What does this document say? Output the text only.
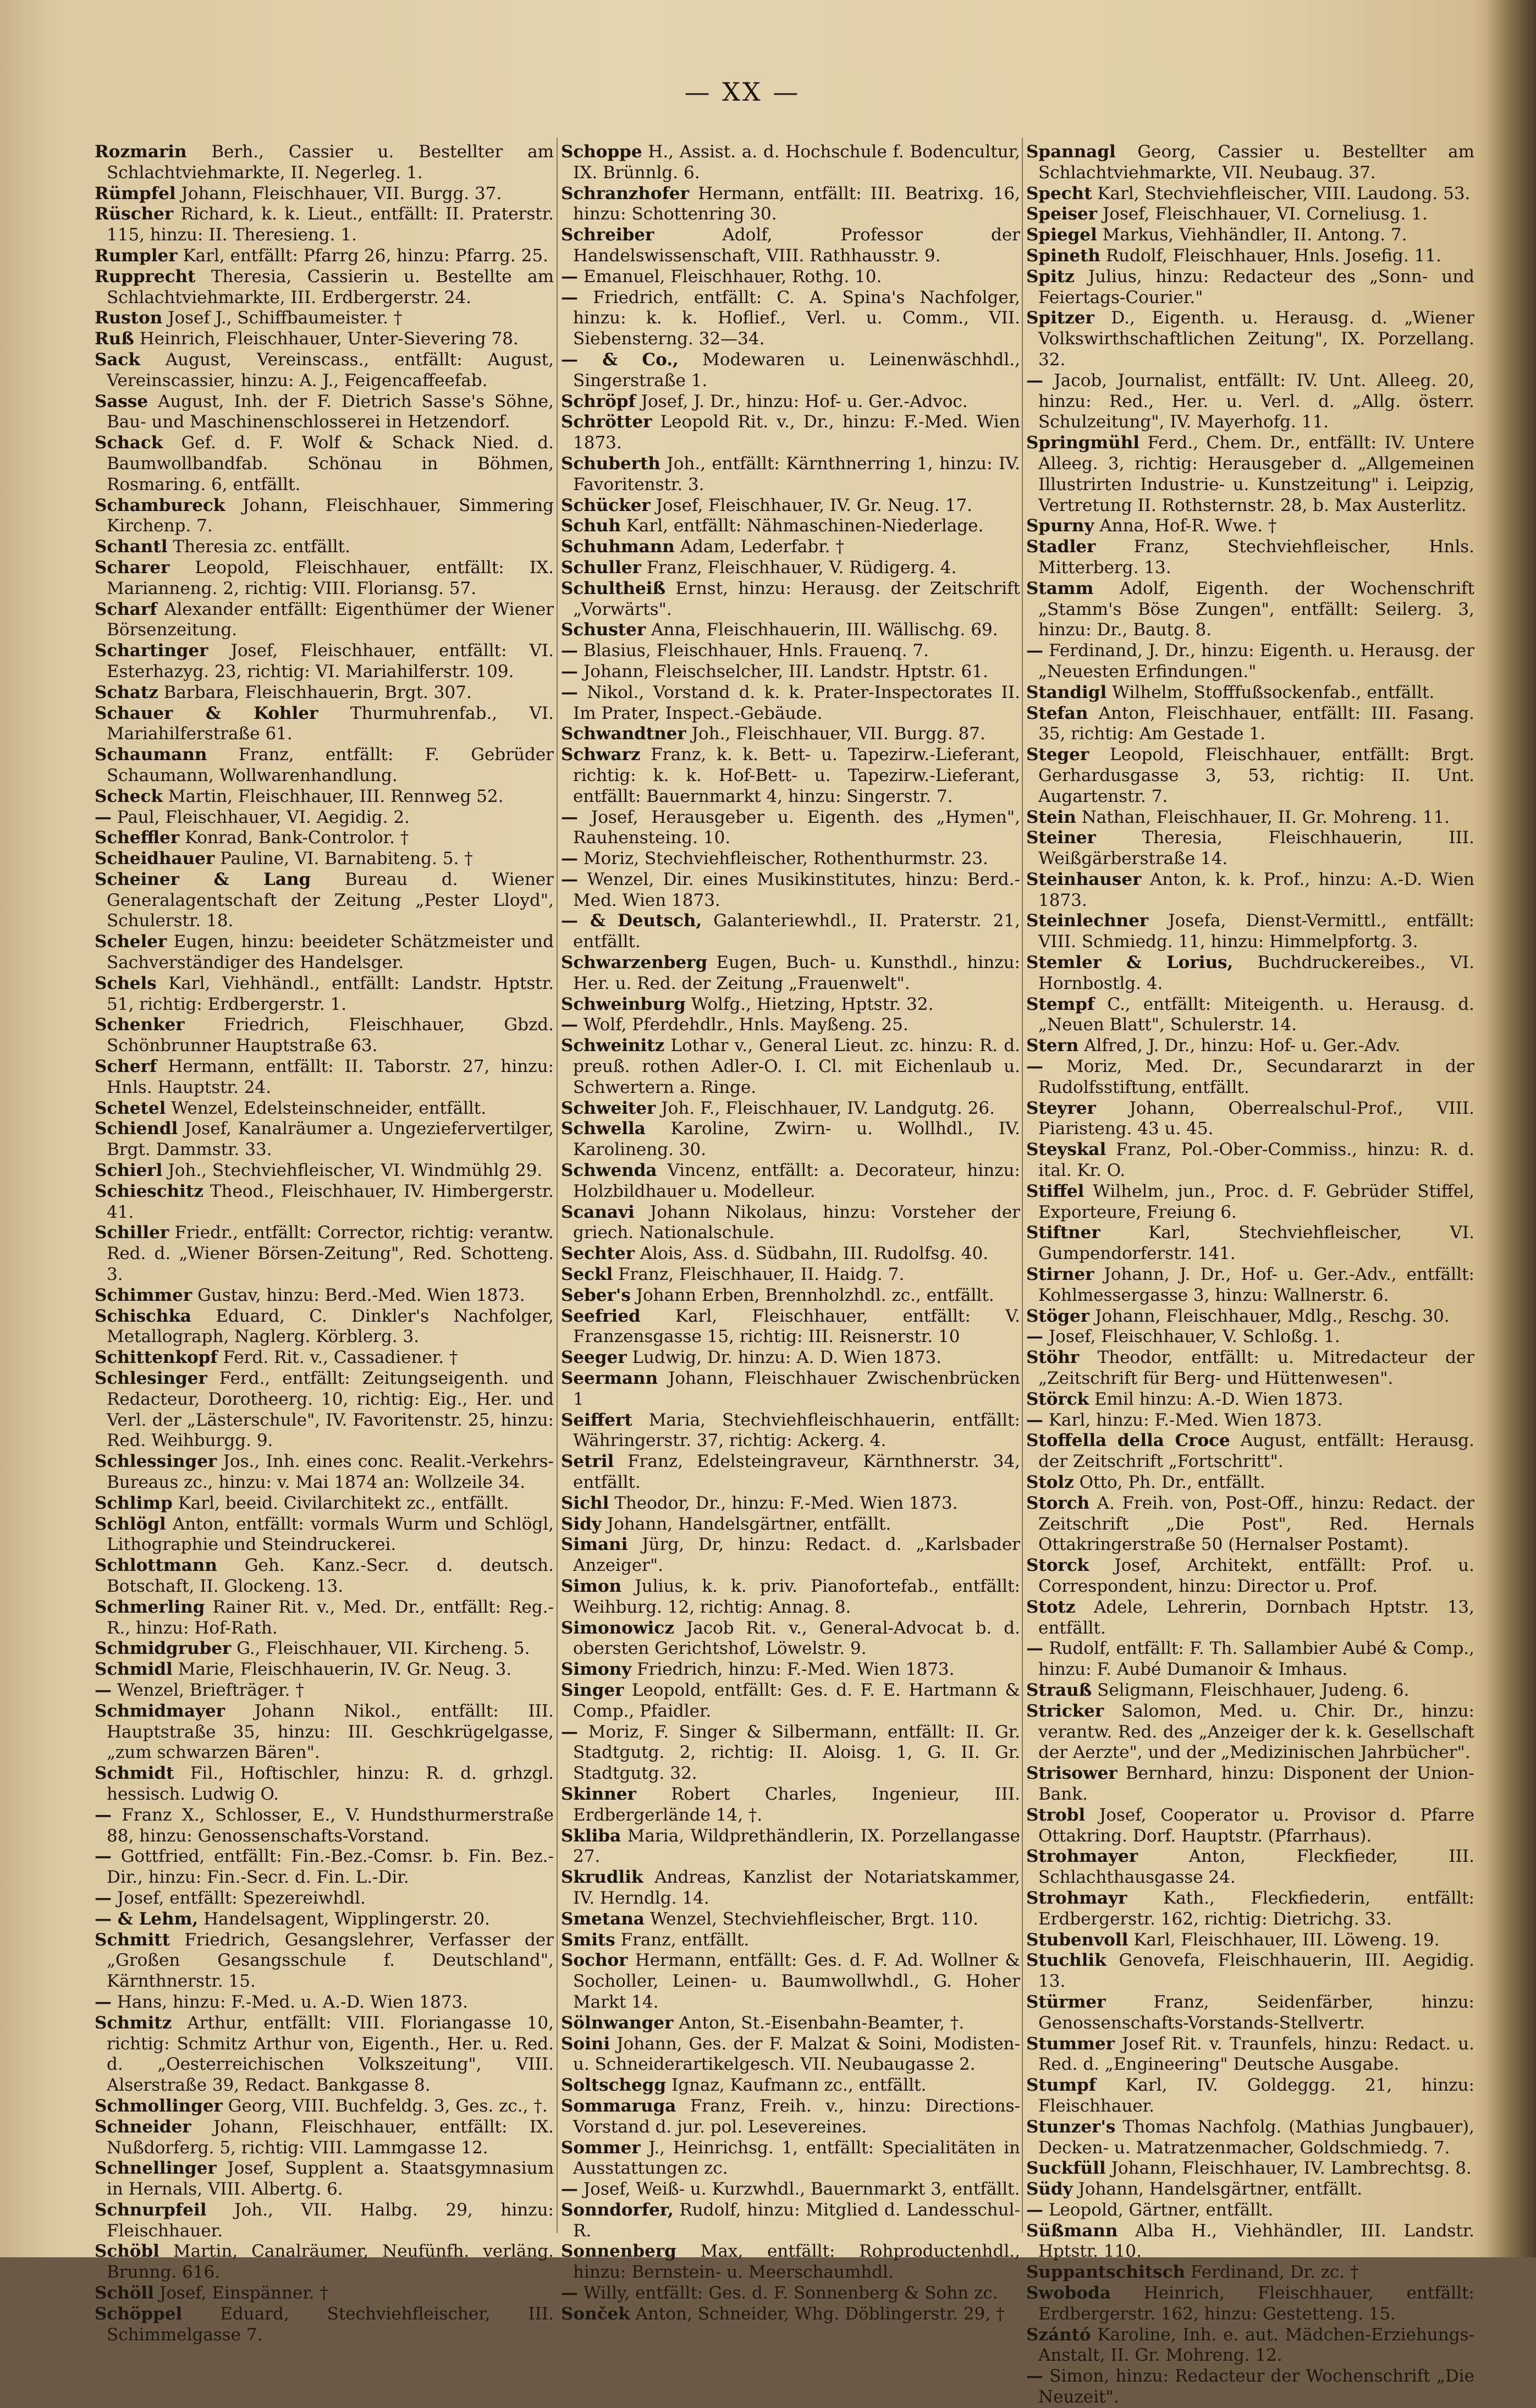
— XX —

Rozmarin Berh., Cassier u. Bestellter am Schlachtviehmarkte, II. Negerleg. 1.

Rümpfel Johann, Fleischhauer, VII. Burgg. 37.

Rüscher Richard, k. k. Lieut., entfällt: II. Praterstr. 115, hinzu: II. Theresieng. 1.

Rumpler Karl, entfällt: Pfarrg 26, hinzu: Pfarrg. 25.

Rupprecht Theresia, Cassierin u. Bestellte am Schlachtviehmarkte, III. Erdbergerstr. 24.

Ruston Josef J., Schiffbaumeister. †

Ruß Heinrich, Fleischhauer, Unter-Sievering 78.

Sack August, Vereinscass., entfällt: August, Vereinscassier, hinzu: A. J., Feigencaffeefab.

Sasse August, Inh. der F. Dietrich Sasse's Söhne, Bau- und Maschinenschlosserei in Hetzendorf.

Schack Gef. d. F. Wolf & Schack Nied. d. Baumwollbandfab. Schönau in Böhmen, Rosmaring. 6, entfällt.

Schambureck Johann, Fleischhauer, Simmering Kirchenp. 7.

Schantl Theresia zc. entfällt.

Scharer Leopold, Fleischhauer, entfällt: IX. Marianneng. 2, richtig: VIII. Floriansg. 57.

Scharf Alexander entfällt: Eigenthümer der Wiener Börsenzeitung.

Schartinger Josef, Fleischhauer, entfällt: VI. Esterhazyg. 23, richtig: VI. Mariahilferstr. 109.

Schatz Barbara, Fleischhauerin, Brgt. 307.

Schauer & Kohler Thurmuhrenfab., VI. Mariahilferstraße 61.

Schaumann Franz, entfällt: F. Gebrüder Schaumann, Wollwarenhandlung.

Scheck Martin, Fleischhauer, III. Rennweg 52.

— Paul, Fleischhauer, VI. Aegidig. 2.

Scheffler Konrad, Bank-Controlor. †

Scheidhauer Pauline, VI. Barnabiteng. 5. †

Scheiner & Lang Bureau d. Wiener Generalagentschaft der Zeitung „Pester Lloyd", Schulerstr. 18.

Scheler Eugen, hinzu: beeideter Schätzmeister und Sachverständiger des Handelsger.

Schels Karl, Viehhändl., entfällt: Landstr. Hptstr. 51, richtig: Erdbergerstr. 1.

Schenker Friedrich, Fleischhauer, Gbzd. Schönbrunner Hauptstraße 63.

Scherf Hermann, entfällt: II. Taborstr. 27, hinzu: Hnls. Hauptstr. 24.

Schetel Wenzel, Edelsteinschneider, entfällt.

Schiendl Josef, Kanalräumer a. Ungeziefervertilger, Brgt. Dammstr. 33.

Schierl Joh., Stechviehfleischer, VI. Windmühlg 29.

Schieschitz Theod., Fleischhauer, IV. Himbergerstr. 41.

Schiller Friedr., entfällt: Corrector, richtig: verantw. Red. d. „Wiener Börsen-Zeitung", Red. Schotteng. 3.

Schimmer Gustav, hinzu: Berd.-Med. Wien 1873.

Schischka Eduard, C. Dinkler's Nachfolger, Metallograph, Naglerg. Körblerg. 3.

Schittenkopf Ferd. Rit. v., Cassadiener. †

Schlesinger Ferd., entfällt: Zeitungseigenth. und Redacteur, Dorotheerg. 10, richtig: Eig., Her. und Verl. der „Lästerschule", IV. Favoritenstr. 25, hinzu: Red. Weihburgg. 9.

Schlessinger Jos., Inh. eines conc. Realit.-Verkehrs-Bureaus zc., hinzu: v. Mai 1874 an: Wollzeile 34.

Schlimp Karl, beeid. Civilarchitekt zc., entfällt.

Schlögl Anton, entfällt: vormals Wurm und Schlögl, Lithographie und Steindruckerei.

Schlottmann Geh. Kanz.-Secr. d. deutsch. Botschaft, II. Glockeng. 13.

Schmerling Rainer Rit. v., Med. Dr., entfällt: Reg.-R., hinzu: Hof-Rath.

Schmidgruber G., Fleischhauer, VII. Kircheng. 5.

Schmidl Marie, Fleischhauerin, IV. Gr. Neug. 3.

— Wenzel, Briefträger. †

Schmidmayer Johann Nikol., entfällt: III. Hauptstraße 35, hinzu: III. Geschkrügelgasse, „zum schwarzen Bären".

Schmidt Fil., Hoftischler, hinzu: R. d. grhzgl. hessisch. Ludwig O.

— Franz X., Schlosser, E., V. Hundsthurmerstraße 88, hinzu: Genossenschafts-Vorstand.

— Gottfried, entfällt: Fin.-Bez.-Comsr. b. Fin. Bez.-Dir., hinzu: Fin.-Secr. d. Fin. L.-Dir.

— Josef, entfällt: Spezereiwhdl.

— & Lehm, Handelsagent, Wipplingerstr. 20.

Schmitt Friedrich, Gesangslehrer, Verfasser der „Großen Gesangsschule f. Deutschland", Kärnthnerstr. 15.

— Hans, hinzu: F.-Med. u. A.-D. Wien 1873.

Schmitz Arthur, entfällt: VIII. Floriangasse 10, richtig: Schmitz Arthur von, Eigenth., Her. u. Red. d. „Oesterreichischen Volkszeitung", VIII. Alserstraße 39, Redact. Bankgasse 8.

Schmollinger Georg, VIII. Buchfeldg. 3, Ges. zc., †.

Schneider Johann, Fleischhauer, entfällt: IX. Nußdorferg. 5, richtig: VIII. Lammgasse 12.

Schnellinger Josef, Supplent a. Staatsgymnasium in Hernals, VIII. Albertg. 6.

Schnurpfeil Joh., VII. Halbg. 29, hinzu: Fleischhauer.

Schöbl Martin, Canalräumer, Neufünfh. verläng. Brunng. 616.

Schöll Josef, Einspänner. †

Schöppel Eduard, Stechviehfleischer, III. Schimmelgasse 7.

Schoppe H., Assist. a. d. Hochschule f. Bodencultur, IX. Brünnlg. 6.

Schranzhofer Hermann, entfällt: III. Beatrixg. 16, hinzu: Schottenring 30.

Schreiber	Adolf, Professor der Handelswissenschaft, VIII. Rathhausstr. 9.

— Emanuel, Fleischhauer, Rothg. 10.

— Friedrich, entfällt: C. A. Spina's Nachfolger, hinzu: k. k. Hoflief., Verl. u. Comm., VII. Siebensterng. 32—34.

— & Co., Modewaren u. Leinenwäschhdl., Singerstraße 1.

Schröpf Josef, J. Dr., hinzu: Hof- u. Ger.-Advoc.

Schrötter Leopold Rit. v., Dr., hinzu: F.-Med. Wien 1873.

Schuberth Joh., entfällt: Kärnthnerring 1, hinzu: IV. Favoritenstr. 3.

Schücker Josef, Fleischhauer, IV. Gr. Neug. 17.

Schuh Karl, entfällt: Nähmaschinen-Niederlage.

Schuhmann Adam, Lederfabr. †

Schuller Franz, Fleischhauer, V. Rüdigerg. 4.

Schultheiß Ernst, hinzu: Herausg. der Zeitschrift „Vorwärts".

Schuster Anna, Fleischhauerin, III. Wällischg. 69.

— Blasius, Fleischhauer, Hnls. Frauenq. 7.

— Johann, Fleischselcher, III. Landstr. Hptstr. 61.

— Nikol., Vorstand d. k. k. Prater-Inspectorates II. Im Prater, Inspect.-Gebäude.

Schwandtner Joh., Fleischhauer, VII. Burgg. 87.

Schwarz Franz, k. k. Bett- u. Tapezirw.-Lieferant, richtig: k. k. Hof-Bett- u. Tapezirw.-Lieferant, entfällt: Bauernmarkt 4, hinzu: Singerstr. 7.

— Josef, Herausgeber u. Eigenth. des „Hymen", Rauhensteing. 10.

— Moriz, Stechviehfleischer, Rothenthurmstr. 23.

— Wenzel, Dir. eines Musikinstitutes, hinzu: Berd.-Med. Wien 1873.

— & Deutsch, Galanteriewhdl., II. Praterstr. 21, entfällt.

Schwarzenberg Eugen, Buch- u. Kunsthdl., hinzu: Her. u. Red. der Zeitung „Frauenwelt".

Schweinburg Wolfg., Hietzing, Hptstr. 32.

— Wolf, Pferdehdlr., Hnls. Mayßeng. 25.

Schweinitz Lothar v., General Lieut. zc. hinzu: R. d. preuß. rothen Adler-O. I. Cl. mit Eichenlaub u. Schwertern a. Ringe.

Schweiter Joh. F., Fleischhauer, IV. Landgutg. 26.

Schwella Karoline, Zwirn- u. Wollhdl., IV. Karolineng. 30.

Schwenda Vincenz, entfällt: a. Decorateur, hinzu: Holzbildhauer u. Modelleur.

Scanavi Johann Nikolaus, hinzu: Vorsteher der griech. Nationalschule.

Sechter Alois, Ass. d. Südbahn, III. Rudolfsg. 40.

Seckl Franz, Fleischhauer, II. Haidg. 7.

Seber's Johann Erben, Brennholzhdl. zc., entfällt.

Seefried Karl, Fleischhauer, entfällt: V. Franzensgasse 15, richtig: III. Reisnerstr. 10

Seeger Ludwig, Dr. hinzu: A. D. Wien 1873.

Seermann Johann, Fleischhauer Zwischenbrücken 1

Seiffert Maria, Stechviehfleischhauerin, entfällt: Währingerstr. 37, richtig: Ackerg. 4.

Setril Franz, Edelsteingraveur, Kärnthnerstr. 34, entfällt.

Sichl Theodor, Dr., hinzu: F.-Med. Wien 1873.

Sidy Johann, Handelsgärtner, entfällt.

Simani Jürg, Dr, hinzu: Redact. d. „Karlsbader Anzeiger".

Simon Julius, k. k. priv. Pianofortefab., entfällt: Weihburg. 12, richtig: Annag. 8.

Simonowicz Jacob Rit. v., General-Advocat b. d. obersten Gerichtshof, Löwelstr. 9.

Simony Friedrich, hinzu: F.-Med. Wien 1873.

Singer Leopold, entfällt: Ges. d. F. E. Hartmann & Comp., Pfaidler.

— Moriz, F. Singer & Silbermann, entfällt: II. Gr. Stadtgutg. 2, richtig: II. Aloisg. 1, G. II. Gr. Stadtgutg. 32.

Skinner Robert Charles, Ingenieur, III. Erdbergerlände 14, †.

Skliba Maria, Wildprethändlerin, IX. Porzellangasse 27.

Skrudlik Andreas, Kanzlist der Notariatskammer, IV. Herndlg. 14.

Smetana Wenzel, Stechviehfleischer, Brgt. 110.

Smits Franz, entfällt.

Sochor Hermann, entfällt: Ges. d. F. Ad. Wollner & Socholler, Leinen- u. Baumwollwhdl., G. Hoher Markt 14.

Sölnwanger Anton, St.-Eisenbahn-Beamter, †.

Soini Johann, Ges. der F. Malzat & Soini, Modisten- u. Schneiderartikelgesch. VII. Neubaugasse 2.

Soltschegg Ignaz, Kaufmann zc., entfällt.

Sommaruga Franz, Freih. v., hinzu: Directions-Vorstand d. jur. pol. Lesevereines.

Sommer J., Heinrichsg. 1, entfällt: Specialitäten in Ausstattungen zc.

— Josef, Weiß- u. Kurzwhdl., Bauernmarkt 3, entfällt.

Sonndorfer, Rudolf, hinzu: Mitglied d. Landesschul-R.

Sonnenberg Max, entfällt: Rohproductenhdl., hinzu: Bernstein- u. Meerschaumhdl.

— Willy, entfällt: Ges. d. F. Sonnenberg & Sohn zc.

Sonček Anton, Schneider, Whg. Döblingerstr. 29, †

Spannagl Georg, Cassier u. Bestellter am Schlachtviehmarkte, VII. Neubaug. 37.

Specht Karl, Stechviehfleischer, VIII. Laudong. 53.

Speiser Josef, Fleischhauer, VI. Corneliusg. 1.

Spiegel Markus, Viehhändler, II. Antong. 7.

Spineth Rudolf, Fleischhauer, Hnls. Josefig. 11.

Spitz Julius, hinzu: Redacteur des „Sonn- und Feiertags-Courier."

Spitzer D., Eigenth. u. Herausg. d. „Wiener Volkswirthschaftlichen Zeitung", IX. Porzellang. 32.

— Jacob, Journalist, entfällt: IV. Unt. Alleeg. 20, hinzu: Red., Her. u. Verl. d. „Allg. österr. Schulzeitung", IV. Mayerhofg. 11.

Springmühl Ferd., Chem. Dr., entfällt: IV. Untere Alleeg. 3, richtig: Herausgeber d. „Allgemeinen Illustrirten Industrie- u. Kunstzeitung" i. Leipzig, Vertretung II. Rothsternstr. 28, b. Max Austerlitz.

Spurny Anna, Hof-R. Wwe. †

Stadler Franz, Stechviehfleischer, Hnls. Mitterberg. 13.

Stamm Adolf, Eigenth. der Wochenschrift „Stamm's Böse Zungen", entfällt: Seilerg. 3, hinzu: Dr., Bautg. 8.

— Ferdinand, J. Dr., hinzu: Eigenth. u. Herausg. der „Neuesten Erfindungen."

Standigl Wilhelm, Stofffußsockenfab., entfällt.

Stefan Anton, Fleischhauer, entfällt: III. Fasang. 35, richtig: Am Gestade 1.

Steger Leopold, Fleischhauer, entfällt: Brgt. Gerhardusgasse 3, 53, richtig: II. Unt. Augartenstr. 7.

Stein Nathan, Fleischhauer, II. Gr. Mohreng. 11.

Steiner	Theresia, Fleischhauerin, III. Weißgärberstraße 14.

Steinhauser Anton, k. k. Prof., hinzu: A.-D. Wien 1873.

Steinlechner Josefa, Dienst-Vermittl., entfällt: VIII. Schmiedg. 11, hinzu: Himmelpfortg. 3.

Stemler & Lorius, Buchdruckereibes., VI. Hornbostlg. 4.

Stempf C., entfällt: Miteigenth. u. Herausg. d. „Neuen Blatt", Schulerstr. 14.

Stern Alfred, J. Dr., hinzu: Hof- u. Ger.-Adv.

— Moriz, Med. Dr., Secundararzt in der Rudolfsstiftung, entfällt.

Steyrer Johann, Oberrealschul-Prof., VIII. Piaristeng. 43 u. 45.

Steyskal Franz, Pol.-Ober-Commiss., hinzu: R. d. ital. Kr. O.

Stiffel Wilhelm, jun., Proc. d. F. Gebrüder Stiffel, Exporteure, Freiung 6.

Stiftner	Karl, Stechviehfleischer, VI. Gumpendorferstr. 141.

Stirner Johann, J. Dr., Hof- u. Ger.-Adv., entfällt: Kohlmessergasse 3, hinzu: Wallnerstr. 6.

Stöger Johann, Fleischhauer, Mdlg., Reschg. 30.

— Josef, Fleischhauer, V. Schloßg. 1.

Stöhr Theodor, entfällt: u. Mitredacteur der „Zeitschrift für Berg- und Hüttenwesen".

Störck Emil hinzu: A.-D. Wien 1873.

— Karl, hinzu: F.-Med. Wien 1873.

Stoffella della Croce August, entfällt: Herausg. der Zeitschrift „Fortschritt".

Stolz Otto, Ph. Dr., entfällt.

Storch A. Freih. von, Post-Off., hinzu: Redact. der Zeitschrift „Die Post", Red. Hernals Ottakringerstraße 50 (Hernalser Postamt).

Storck Josef, Architekt, entfällt: Prof. u. Correspondent, hinzu: Director u. Prof.

Stotz Adele, Lehrerin, Dornbach Hptstr. 13, entfällt.

— Rudolf, entfällt: F. Th. Sallambier Aubé & Comp., hinzu: F. Aubé Dumanoir & Imhaus.

Strauß Seligmann, Fleischhauer, Judeng. 6.

Stricker Salomon, Med. u. Chir. Dr., hinzu: verantw. Red. des „Anzeiger der k. k. Gesellschaft der Aerzte", und der „Medizinischen Jahrbücher".

Strisower Bernhard, hinzu: Disponent der Union-Bank.

Strobl Josef, Cooperator u. Provisor d. Pfarre Ottakring. Dorf. Hauptstr. (Pfarrhaus).

Strohmayer	Anton, Fleckfieder, III. Schlachthausgasse 24.

Strohmayr Kath., Fleckfiederin, entfällt: Erdbergerstr. 162, richtig: Dietrichg. 33.

Stubenvoll Karl, Fleischhauer, III. Löweng. 19.

Stuchlik Genovefa, Fleischhauerin, III. Aegidig. 13.

Stürmer	Franz, Seidenfärber, hinzu: Genossenschafts-Vorstands-Stellvertr.

Stummer Josef Rit. v. Traunfels, hinzu: Redact. u. Red. d. „Engineering" Deutsche Ausgabe.

Stumpf Karl, IV. Goldeggg. 21, hinzu: Fleischhauer.

Stunzer's Thomas Nachfolg. (Mathias Jungbauer), Decken- u. Matratzenmacher, Goldschmiedg. 7.

Suckfüll Johann, Fleischhauer, IV. Lambrechtsg. 8.

Südy Johann, Handelsgärtner, entfällt.

— Leopold, Gärtner, entfällt.

Süßmann Alba H., Viehhändler, III. Landstr. Hptstr. 110.

Suppantschitsch Ferdinand, Dr. zc. †

Swoboda Heinrich, Fleischhauer, entfällt: Erdbergerstr. 162, hinzu: Gestetteng. 15.

Szántó Karoline, Inh. e. aut. Mädchen-Erziehungs-Anstalt, II. Gr. Mohreng. 12.

— Simon, hinzu: Redacteur der Wochenschrift „Die Neuzeit".
